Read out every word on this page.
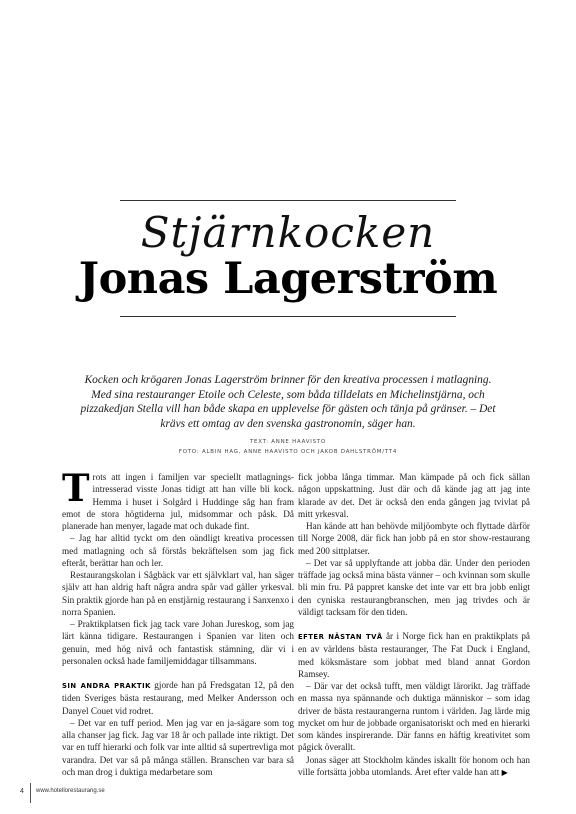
Stjärnkocken
Jonas Lagerström
Kocken och krögaren Jonas Lagerström brinner för den kreativa processen i matlagning. Med sina restauranger Etoile och Celeste, som båda tilldelats en Michelinstjärna, och pizzakedjan Stella vill han både skapa en upplevelse för gästen och tänja på gränser. – Det krävs ett omtag av den svenska gastronomin, säger han.
TEXT: ANNE HAAVISTO
FOTO: ALBIN HAG, ANNE HAAVISTO OCH JAKOB DAHLSTRÖM/TT4

Trots att ingen i familjen var speciellt matlagnings-intresserad visste Jonas tidigt att han ville bli kock. Hemma i huset i Solgård i Huddinge såg han fram emot de stora högtiderna jul, midsommar och påsk. Då planerade han menyer, lagade mat och dukade fint.

– Jag har alltid tyckt om den oändligt kreativa processen med matlagning och så förstås bekräftelsen som jag fick efteråt, berättar han och ler.

Restaurangskolan i Sågbäck var ett självklart val, han säger själv att han aldrig haft några andra spår vad gäller yrkesval. Sin praktik gjorde han på en enstjärnig restaurang i Sanxenxo i norra Spanien.

– Praktikplatsen fick jag tack vare Johan Jureskog, som jag lärt känna tidigare. Restaurangen i Spanien var liten och genuin, med hög nivå och fantastisk stämning, där vi i personalen också hade familjemiddagar tillsammans.

SIN ANDRA PRAKTIK gjorde han på Fredsgatan 12, på den tiden Sveriges bästa restaurang, med Melker Andersson och Danyel Couet vid rodret.

– Det var en tuff period. Men jag var en ja-sägare som tog alla chanser jag fick. Jag var 18 år och pallade inte riktigt. Det var en tuff hierarki och folk var inte alltid så supertrevliga mot varandra. Det var så på många ställen. Branschen var bara så och man drog i duktiga medarbetare som

fick jobba långa timmar. Man kämpade på och fick sällan någon uppskattning. Just där och då kände jag att jag inte klarade av det. Det är också den enda gången jag tvivlat på mitt yrkesval.

Han kände att han behövde miljöombyte och flyttade därför till Norge 2008, där fick han jobb på en stor show-restaurang med 200 sittplatser.

– Det var så upplyftande att jobba där. Under den perioden träffade jag också mina bästa vänner – och kvinnan som skulle bli min fru. På pappret kanske det inte var ett bra jobb enligt den cyniska restaurangbranschen, men jag trivdes och är väldigt tacksam för den tiden.

EFTER NÄSTAN TVÅ år i Norge fick han en praktikplats på en av världens bästa restauranger, The Fat Duck i England, med köksmästare som jobbat med bland annat Gordon Ramsey.

– Där var det också tufft, men väldigt lärorikt. Jag träffade en massa nya spännande och duktiga människor – som idag driver de bästa restaurangerna runtom i världen. Jag lärde mig mycket om hur de jobbade organisatoriskt och med en hierarki som kändes inspirerande. Där fanns en häftig kreativitet som pågick överallt.

Jonas säger att Stockholm kändes iskallt för honom och han ville fortsätta jobba utomlands. Året efter valde han att ▶

4 www.hotellorestaurang.se
